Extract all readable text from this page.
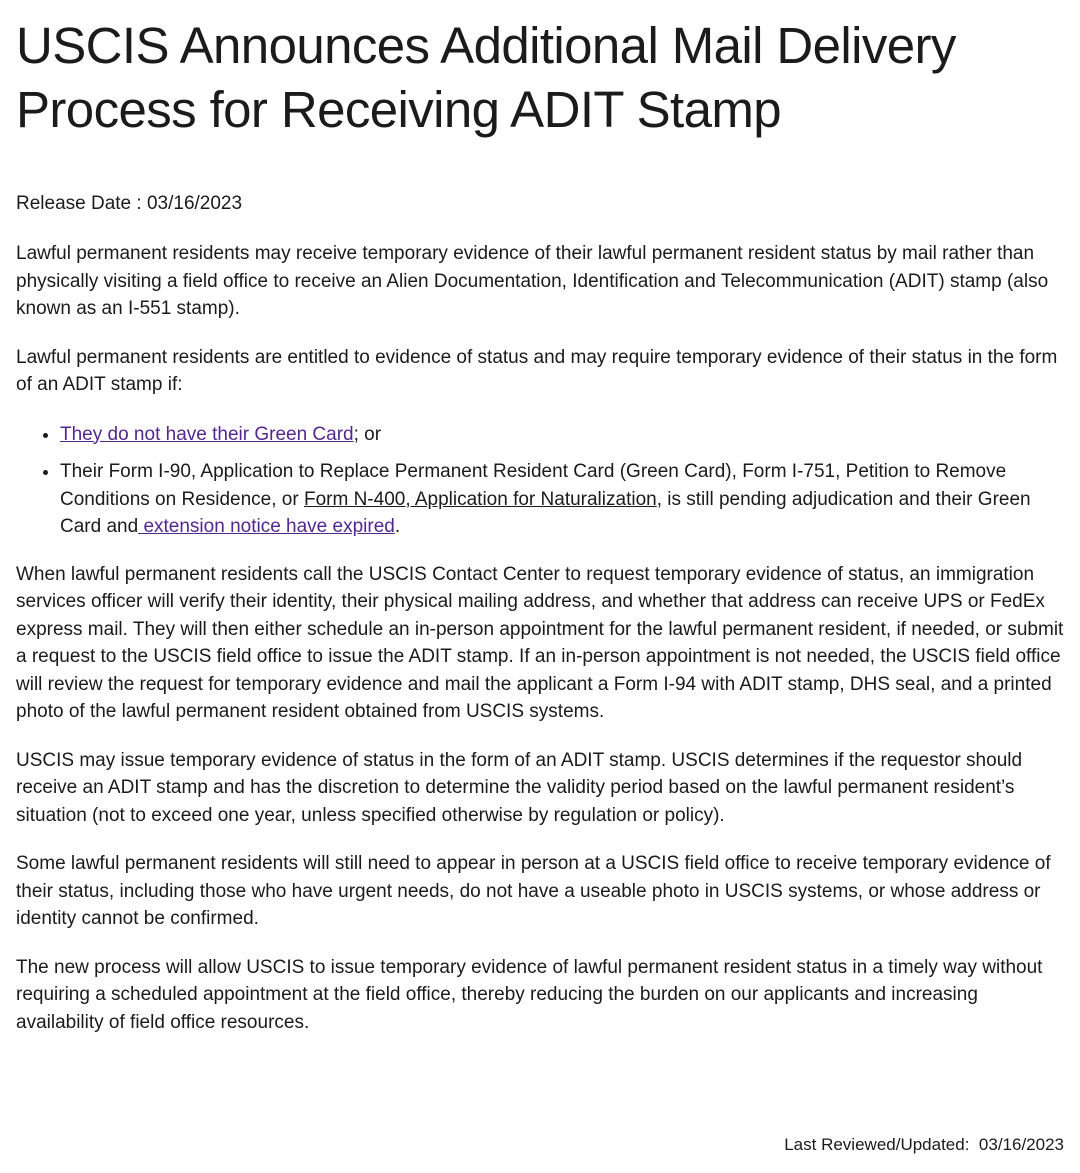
USCIS Announces Additional Mail Delivery Process for Receiving ADIT Stamp
Release Date : 03/16/2023

Lawful permanent residents may receive temporary evidence of their lawful permanent resident status by mail rather than physically visiting a field office to receive an Alien Documentation, Identification and Telecommunication (ADIT) stamp (also known as an I-551 stamp).

Lawful permanent residents are entitled to evidence of status and may require temporary evidence of their status in the form of an ADIT stamp if:

• They do not have their Green Card; or
• Their Form I-90, Application to Replace Permanent Resident Card (Green Card), Form I-751, Petition to Remove Conditions on Residence, or Form N-400, Application for Naturalization, is still pending adjudication and their Green Card and extension notice have expired.

When lawful permanent residents call the USCIS Contact Center to request temporary evidence of status, an immigration services officer will verify their identity, their physical mailing address, and whether that address can receive UPS or FedEx express mail. They will then either schedule an in-person appointment for the lawful permanent resident, if needed, or submit a request to the USCIS field office to issue the ADIT stamp. If an in-person appointment is not needed, the USCIS field office will review the request for temporary evidence and mail the applicant a Form I-94 with ADIT stamp, DHS seal, and a printed photo of the lawful permanent resident obtained from USCIS systems.

USCIS may issue temporary evidence of status in the form of an ADIT stamp. USCIS determines if the requestor should receive an ADIT stamp and has the discretion to determine the validity period based on the lawful permanent resident’s situation (not to exceed one year, unless specified otherwise by regulation or policy).

Some lawful permanent residents will still need to appear in person at a USCIS field office to receive temporary evidence of their status, including those who have urgent needs, do not have a useable photo in USCIS systems, or whose address or identity cannot be confirmed.

The new process will allow USCIS to issue temporary evidence of lawful permanent resident status in a timely way without requiring a scheduled appointment at the field office, thereby reducing the burden on our applicants and increasing availability of field office resources.

Last Reviewed/Updated: 03/16/2023
